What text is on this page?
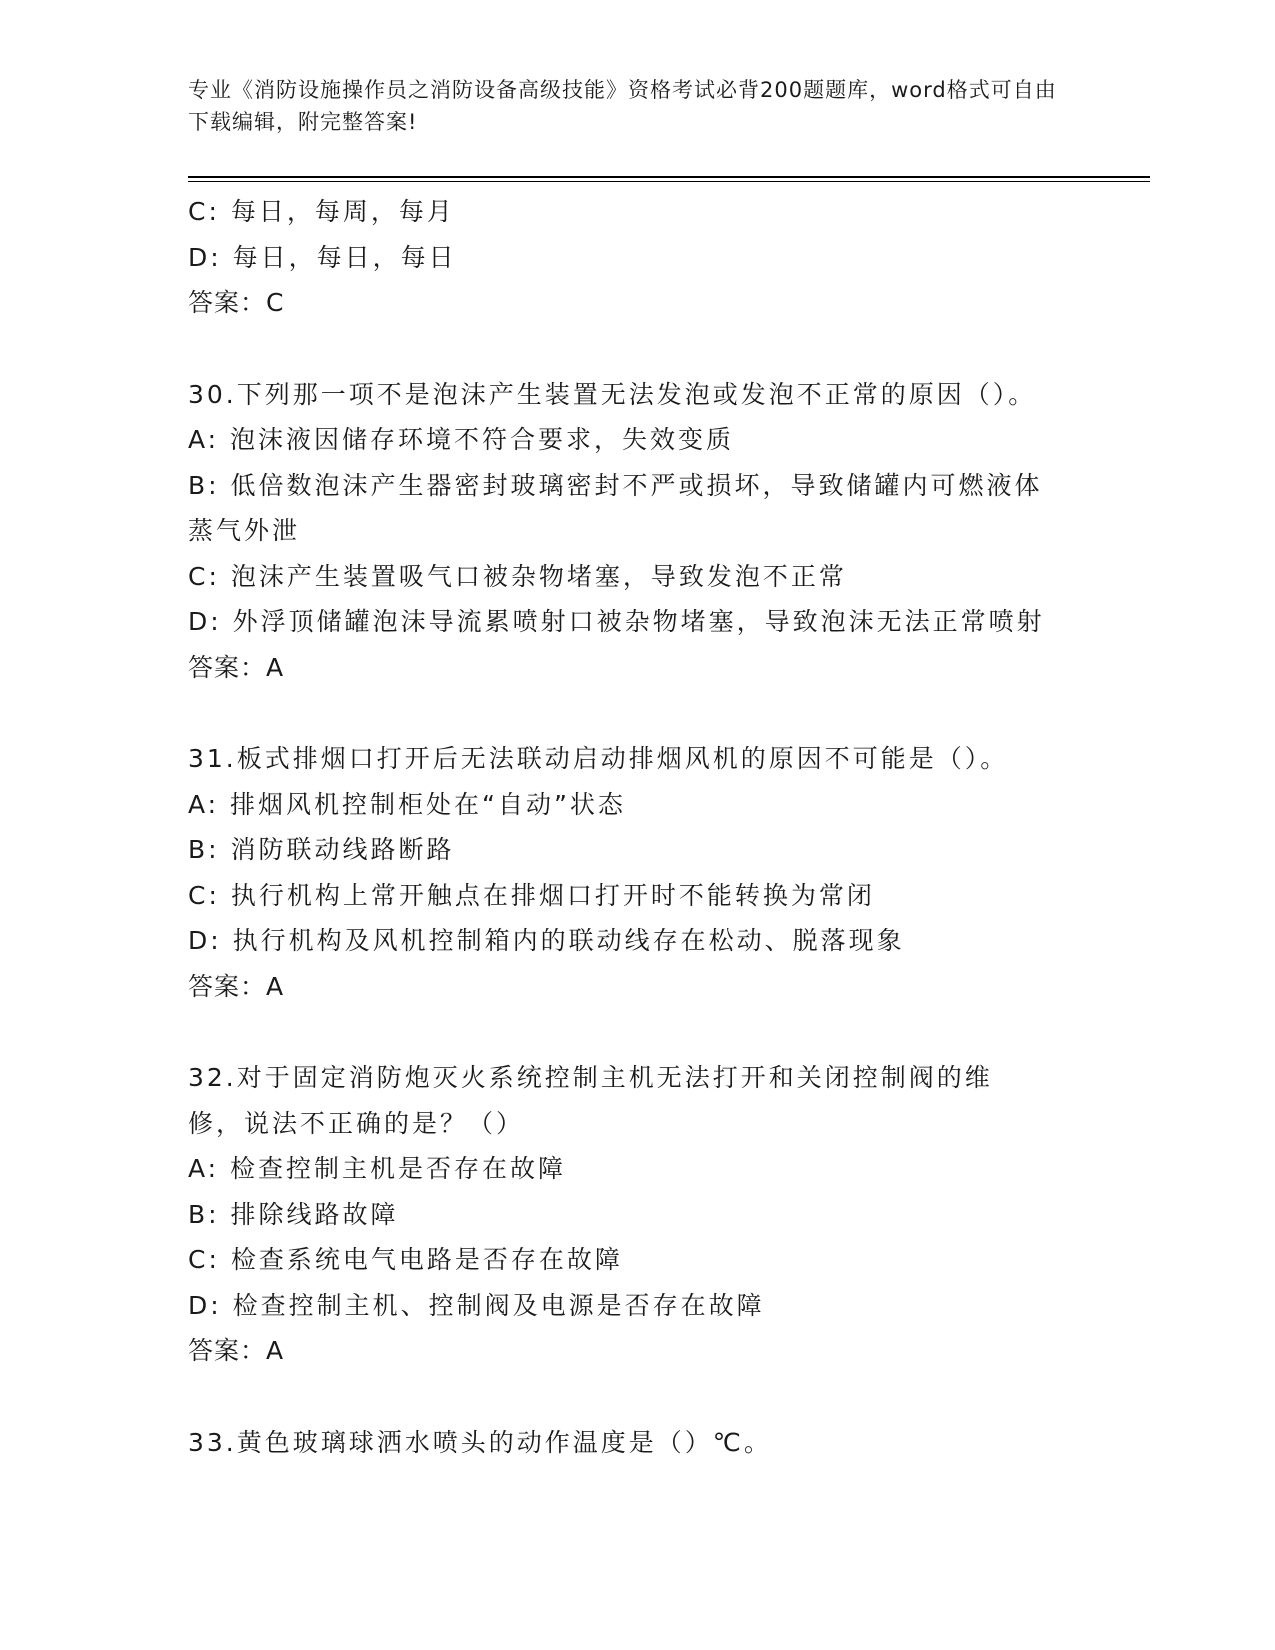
专业《消防设施操作员之消防设备高级技能》资格考试必背200题题库，word格式可自由下载编辑，附完整答案!
C: 每日，每周，每月
D: 每日，每日，每日
答案：C
30.下列那一项不是泡沫产生装置无法发泡或发泡不正常的原因（）。
A: 泡沫液因储存环境不符合要求，失效变质
B: 低倍数泡沫产生器密封玻璃密封不严或损坏，导致储罐内可燃液体蒸气外泄
C: 泡沫产生装置吸气口被杂物堵塞，导致发泡不正常
D: 外浮顶储罐泡沫导流累喷射口被杂物堵塞，导致泡沫无法正常喷射
答案：A
31.板式排烟口打开后无法联动启动排烟风机的原因不可能是（）。
A: 排烟风机控制柜处在“自动”状态
B: 消防联动线路断路
C: 执行机构上常开触点在排烟口打开时不能转换为常闭
D: 执行机构及风机控制箱内的联动线存在松动、脱落现象
答案：A
32.对于固定消防炮灭火系统控制主机无法打开和关闭控制阀的维修，说法不正确的是？（）
A: 检查控制主机是否存在故障
B: 排除线路故障
C: 检查系统电气电路是否存在故障
D: 检查控制主机、控制阀及电源是否存在故障
答案：A
33.黄色玻璃球洒水喷头的动作温度是（）℃。
